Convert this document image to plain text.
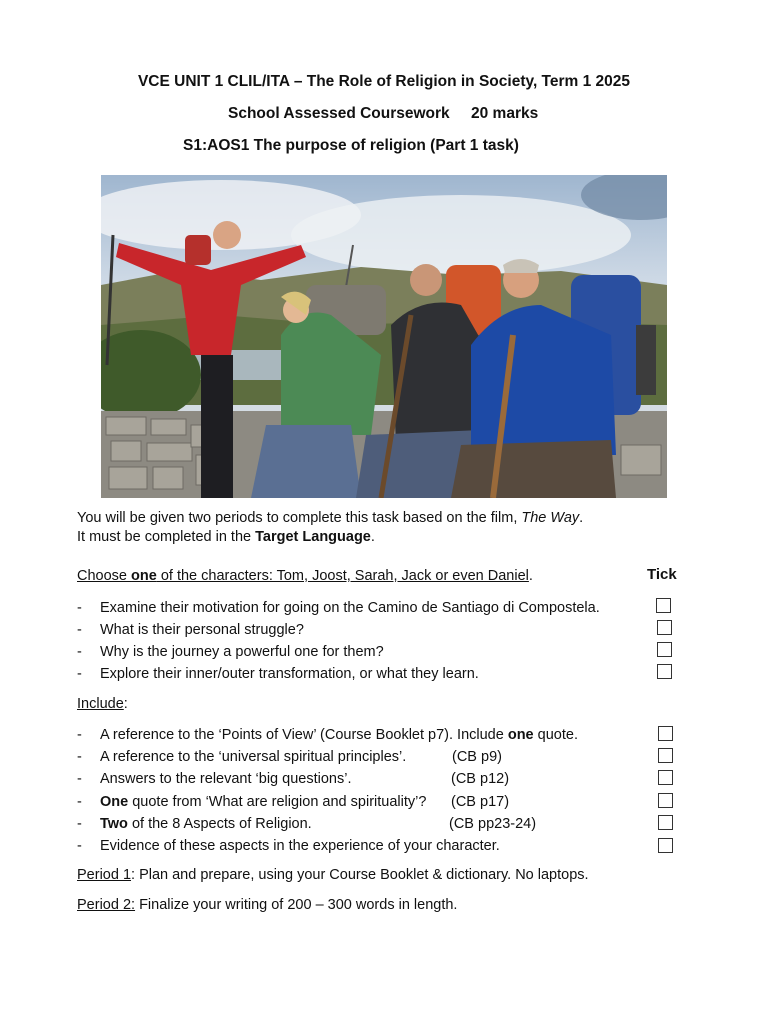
VCE UNIT 1 CLIL/ITA – The Role of Religion in Society, Term 1 2025
School Assessed Coursework 20 marks
S1:AOS1 The purpose of religion (Part 1 task)
You will be given two periods to complete this task based on the film, The Way.
It must be completed in the Target Language.
Choose one of the characters: Tom, Joost, Sarah, Jack or even Daniel.	Tick
- Examine their motivation for going on the Camino de Santiago di Compostela.
- What is their personal struggle?
- Why is the journey a powerful one for them?
- Explore their inner/outer transformation, or what they learn.
Include:
- A reference to the ‘Points of View’ (Course Booklet p7). Include one quote.
- A reference to the ‘universal spiritual principles’.	(CB p9)
- Answers to the relevant ‘big questions’.	(CB p12)
- One quote from ‘What are religion and spirituality’? (CB p17)
- Two of the 8 Aspects of Religion.	(CB pp23-24)
- Evidence of these aspects in the experience of your character.
Period 1: Plan and prepare, using your Course Booklet & dictionary. No laptops.
Period 2: Finalize your writing of 200 – 300 words in length.
